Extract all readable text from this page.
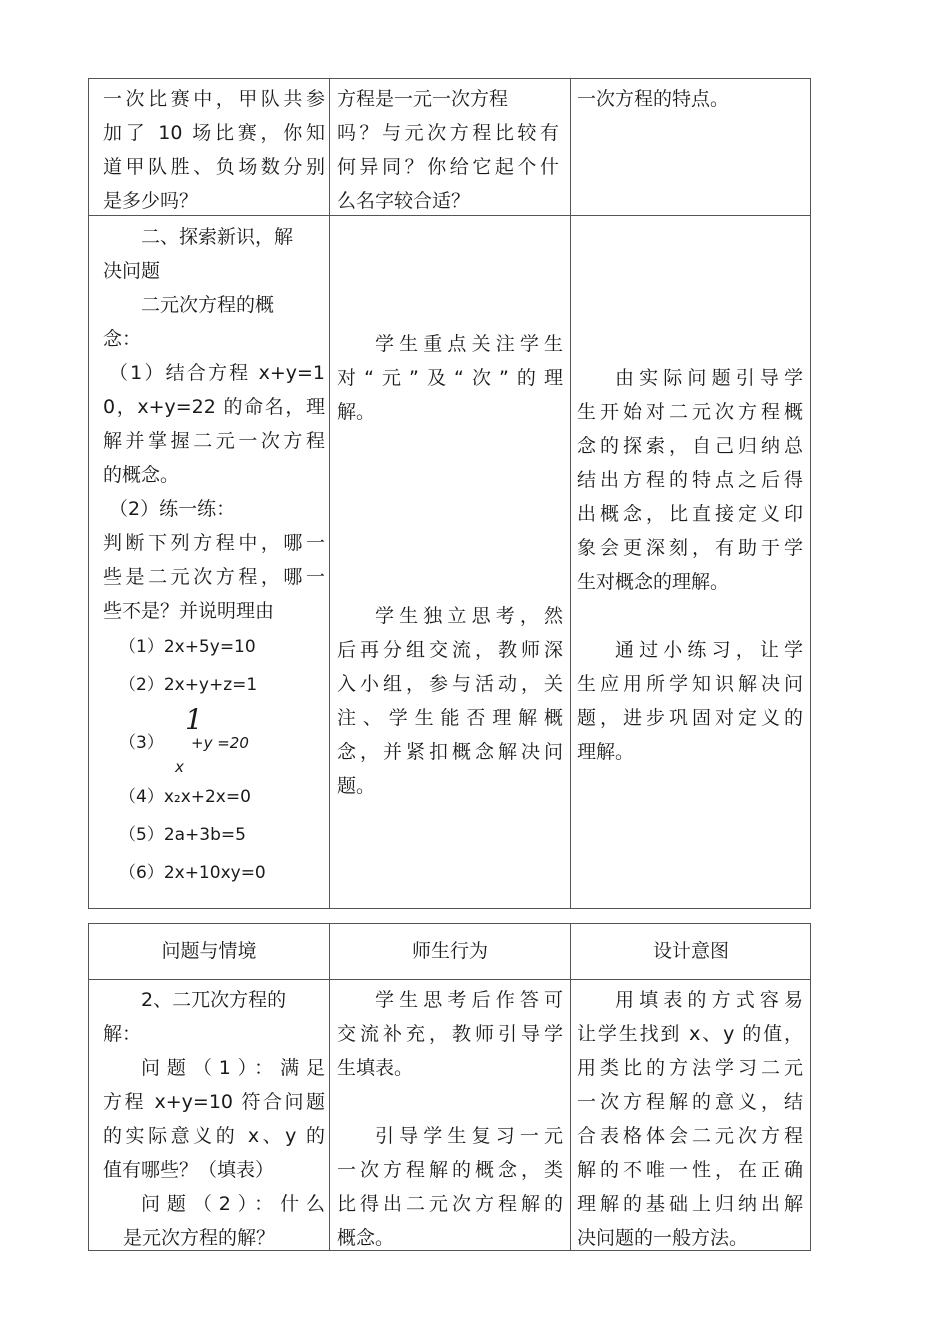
一次比赛中，甲队共参

加了 10 场比赛，你知

道甲队胜、负场数分别

是多少吗？

方程是一元一次方程

吗？与元次方程比较有

何异同？你给它起个什

么名字较合适？

一次方程的特点。

二、探索新识，解

决问题

二元次方程的概

念：

（1）结合方程 x+y=1

0，x+y=22 的命名，理

解并掌握二元一次方程

的概念。

（2）练一练：

判断下列方程中，哪一

些是二元次方程，哪一

些不是？并说明理由

（1）2x+5y=10

（2）2x+y+z=1

（3）
1
+y =20
x

（4）x₂x+2x=0

（5）2a+3b=5

（6）2x+10xy=0

学生重点关注学生

对“元”及“次”的理

解。

学生独立思考，然

后再分组交流，教师深

入小组，参与活动，关

注、学生能否理解概

念，并紧扣概念解决问

题。

由实际问题引导学

生开始对二元次方程概

念的探索，自己归纳总

结出方程的特点之后得

出概念，比直接定义印

象会更深刻，有助于学

生对概念的理解。

通过小练习，让学

生应用所学知识解决问

题，进步巩固对定义的

理解。

问题与情境	师生行为	设计意图

2、二兀次方程的

解：

问题（1）：满足

方程 x+y=10 符合问题

的实际意义的 x、y 的

值有哪些？（填表）

问题（2）：什么

是元次方程的解？

学生思考后作答可

交流补充，教师引导学

生填表。

引导学生复习一元

一次方程解的概念，类

比得出二元次方程解的

概念。

用填表的方式容易

让学生找到 x、y 的值，

用类比的方法学习二元

一次方程解的意义，结

合表格体会二元次方程

解的不唯一性，在正确

理解的基础上归纳出解

决问题的一般方法。
